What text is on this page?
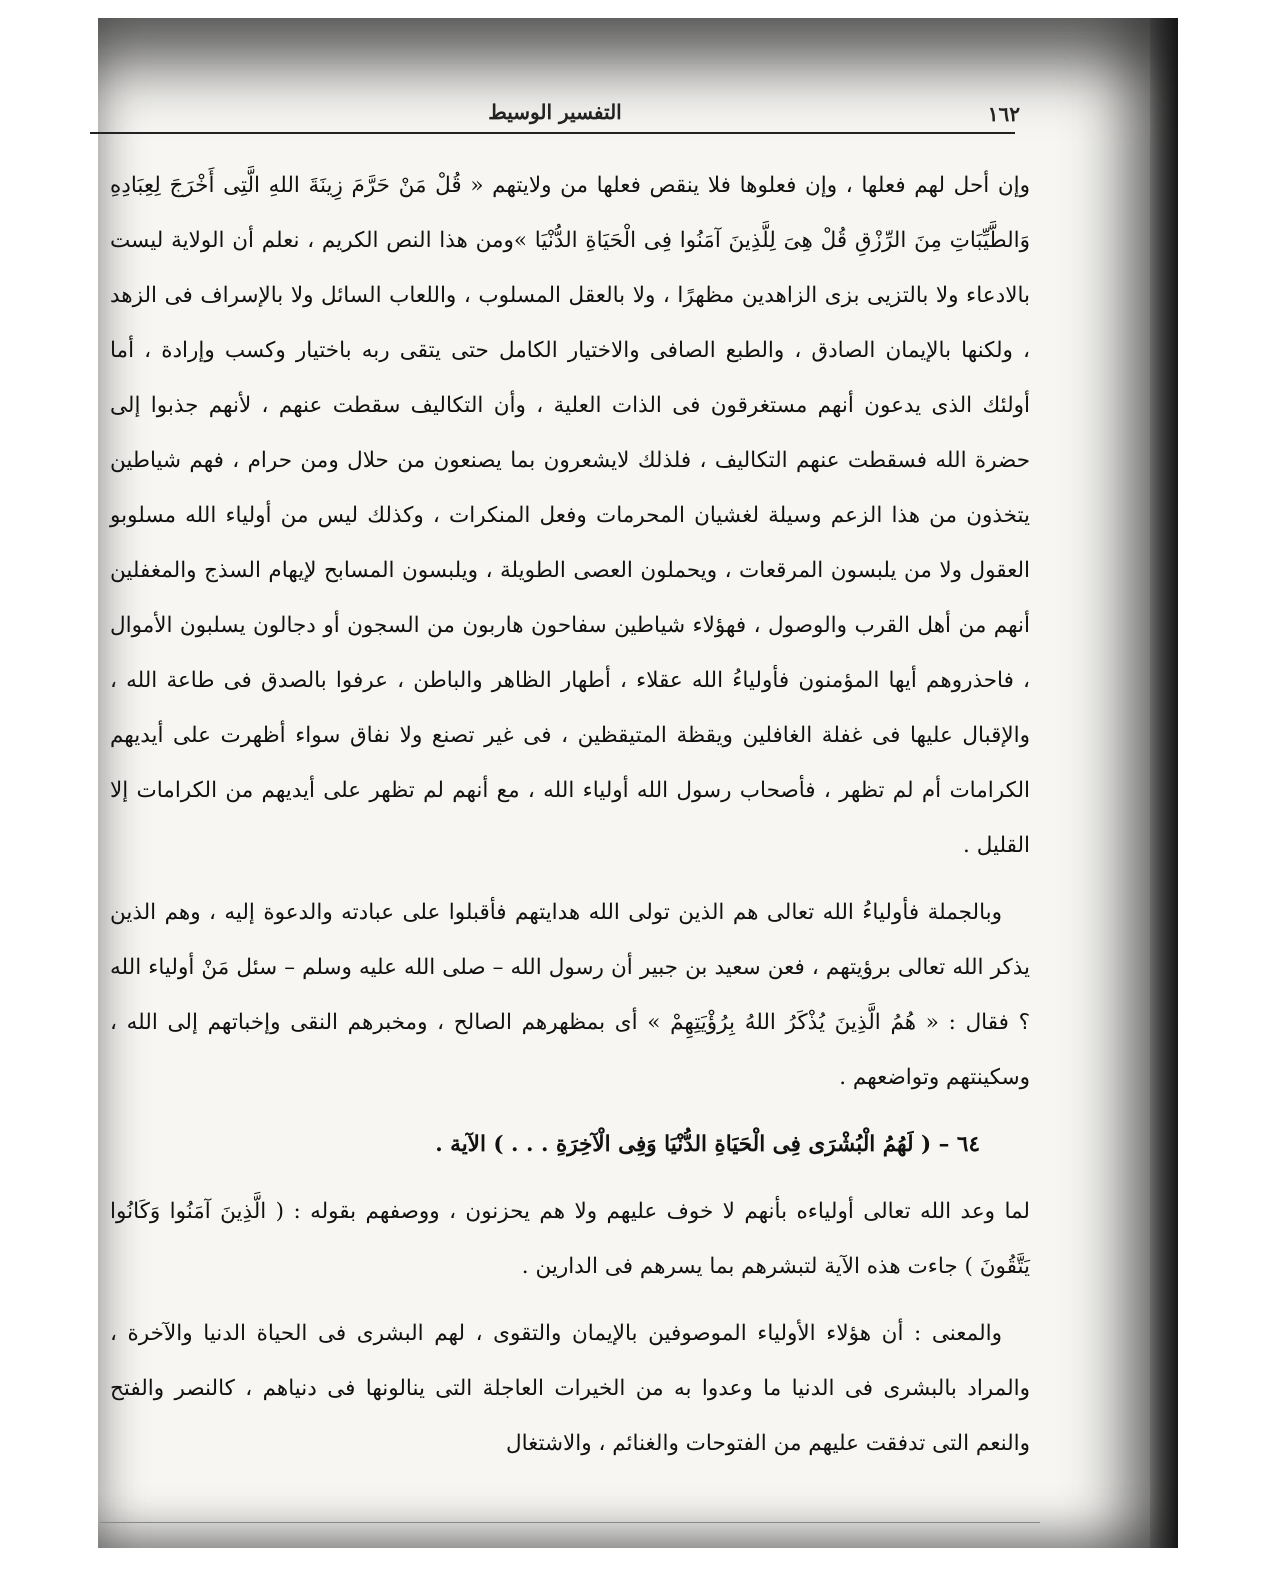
١٦٢
التفسير الوسيط

وإن أحل لهم فعلها ، وإن فعلوها فلا ينقص فعلها من ولايتهم « قُلْ مَنْ حَرَّمَ زِينَةَ اللهِ الَّتِى أَخْرَجَ لِعِبَادِهِ وَالطَّيِّبَاتِ مِنَ الرِّزْقِ قُلْ هِىَ لِلَّذِينَ آمَنُوا فِى الْحَيَاةِ الدُّنْيَا »ومن هذا النص الكريم ، نعلم أن الولاية ليست بالادعاء ولا بالتزيى بزى الزاهدين مظهرًا ، ولا بالعقل المسلوب ، واللعاب السائل ولا بالإسراف فى الزهد ، ولكنها بالإيمان الصادق ، والطبع الصافى والاختيار الكامل حتى يتقى ربه باختيار وكسب وإرادة ، أما أولئك الذى يدعون أنهم مستغرقون فى الذات العلية ، وأن التكاليف سقطت عنهم ، لأنهم جذبوا إلى حضرة الله فسقطت عنهم التكاليف ، فلذلك لايشعرون بما يصنعون من حلال ومن حرام ، فهم شياطين يتخذون من هذا الزعم وسيلة لغشيان المحرمات وفعل المنكرات ، وكذلك ليس من أولياء الله مسلوبو العقول ولا من يلبسون المرقعات ، ويحملون العصى الطويلة ، ويلبسون المسابح لإيهام السذج والمغفلين أنهم من أهل القرب والوصول ، فهؤلاء شياطين سفاحون هاربون من السجون أو دجالون يسلبون الأموال ، فاحذروهم أيها المؤمنون فأولياءُ الله عقلاء ، أطهار الظاهر والباطن ، عرفوا بالصدق فى طاعة الله ، والإقبال عليها فى غفلة الغافلين ويقظة المتيقظين ، فى غير تصنع ولا نفاق سواء أظهرت على أيديهم الكرامات أم لم تظهر ، فأصحاب رسول الله أولياء الله ، مع أنهم لم تظهر على أيديهم من الكرامات إلا القليل .

وبالجملة فأولياءُ الله تعالى هم الذين تولى الله هدايتهم فأقبلوا على عبادته والدعوة إليه ، وهم الذين يذكر الله تعالى برؤيتهم ، فعن سعيد بن جبير أن رسول الله – صلى الله عليه وسلم – سئل مَنْ أولياء الله ؟ فقال : « هُمُ الَّذِينَ يُذْكَرُ اللهُ بِرُؤْيَتِهِمْ » أى بمظهرهم الصالح ، ومخبرهم النقى وإخباتهم إلى الله ، وسكينتهم وتواضعهم .

٦٤ – ( لَهُمُ الْبُشْرَى فِى الْحَيَاةِ الدُّنْيَا وَفِى الْآخِرَةِ . . . ) الآية .

لما وعد الله تعالى أولياءه بأنهم لا خوف عليهم ولا هم يحزنون ، ووصفهم بقوله : ( الَّذِينَ آمَنُوا وَكَانُوا يَتَّقُونَ ) جاءت هذه الآية لتبشرهم بما يسرهم فى الدارين .

والمعنى : أن هؤلاء الأولياء الموصوفين بالإيمان والتقوى ، لهم البشرى فى الحياة الدنيا والآخرة ، والمراد بالبشرى فى الدنيا ما وعدوا به من الخيرات العاجلة التى ينالونها فى دنياهم ، كالنصر والفتح والنعم التى تدفقت عليهم من الفتوحات والغنائم ، والاشتغال
